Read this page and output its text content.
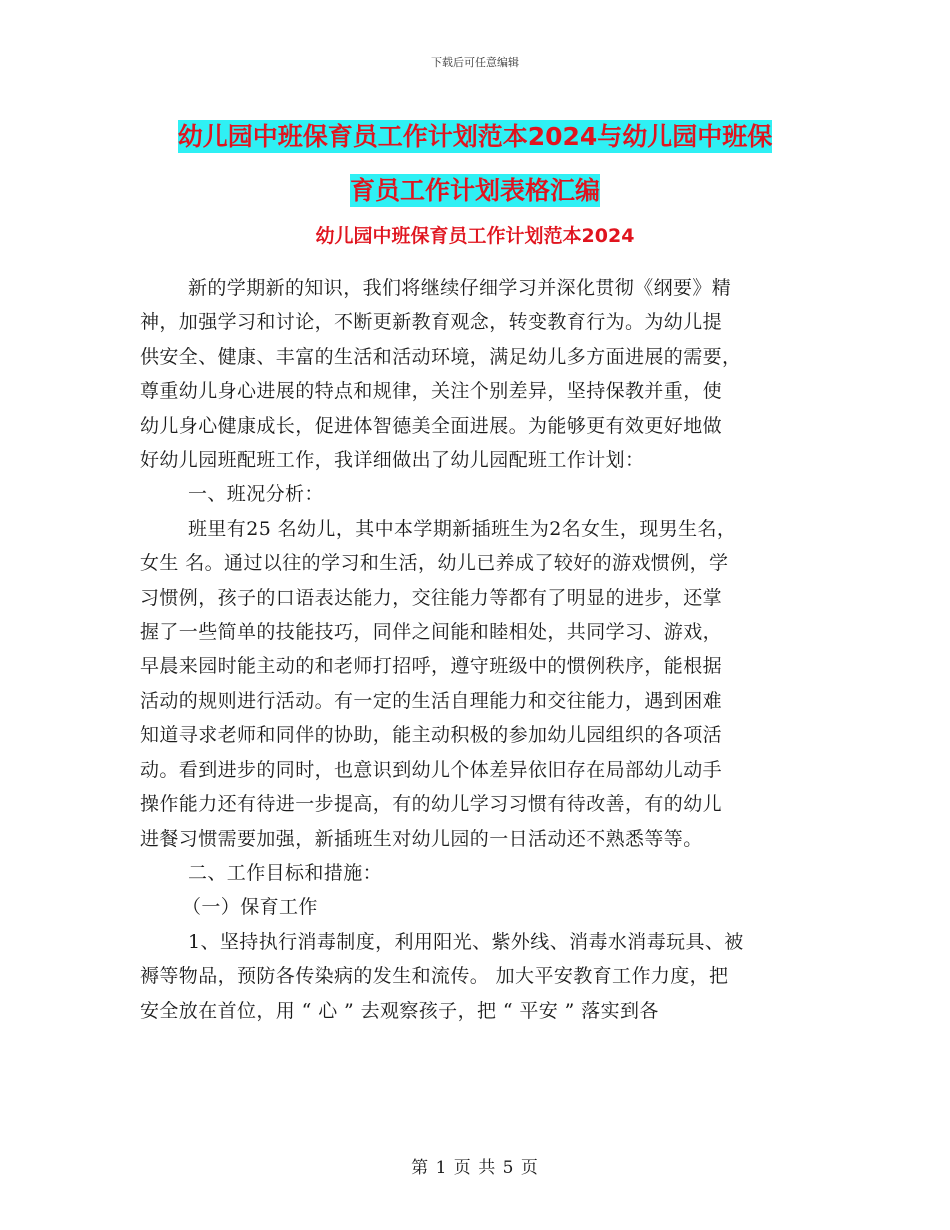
下载后可任意编辑
幼儿园中班保育员工作计划范本2024与幼儿园中班保
育员工作计划表格汇编
幼儿园中班保育员工作计划范本2024

新的学期新的知识，我们将继续仔细学习并深化贯彻《纲要》精

神，加强学习和讨论，不断更新教育观念，转变教育行为。为幼儿提

供安全、健康、丰富的生活和活动环境，满足幼儿多方面进展的需要，

尊重幼儿身心进展的特点和规律，关注个别差异，坚持保教并重，使

幼儿身心健康成长，促进体智德美全面进展。为能够更有效更好地做

好幼儿园班配班工作，我详细做出了幼儿园配班工作计划：

一、班况分析：

班里有25 名幼儿，其中本学期新插班生为2名女生，现男生名，

女生 名。通过以往的学习和生活，幼儿已养成了较好的游戏惯例，学

习惯例，孩子的口语表达能力，交往能力等都有了明显的进步，还掌

握了一些简单的技能技巧，同伴之间能和睦相处，共同学习、游戏，

早晨来园时能主动的和老师打招呼，遵守班级中的惯例秩序，能根据

活动的规则进行活动。有一定的生活自理能力和交往能力，遇到困难

知道寻求老师和同伴的协助，能主动积极的参加幼儿园组织的各项活

动。看到进步的同时，也意识到幼儿个体差异依旧存在局部幼儿动手

操作能力还有待进一步提高，有的幼儿学习习惯有待改善，有的幼儿

进餐习惯需要加强，新插班生对幼儿园的一日活动还不熟悉等等。

二、工作目标和措施：

（一）保育工作

1、坚持执行消毒制度，利用阳光、紫外线、消毒水消毒玩具、被

褥等物品，预防各传染病的发生和流传。 加大平安教育工作力度，把

安全放在首位，用 “ 心 ” 去观察孩子，把 “ 平安 ” 落实到各

第 1 页 共 5 页
